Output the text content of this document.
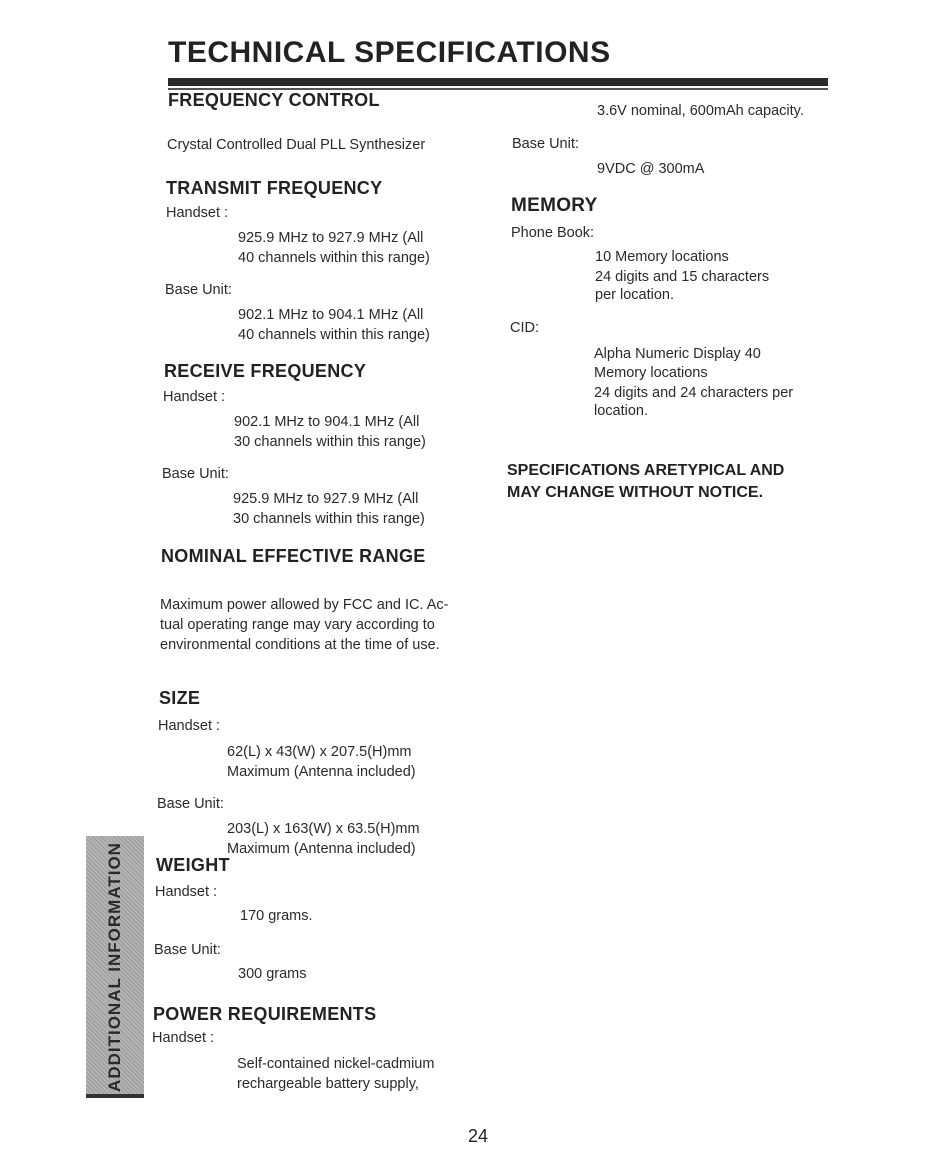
TECHNICAL SPECIFICATIONS
FREQUENCY CONTROL
Crystal Controlled Dual PLL Synthesizer
TRANSMIT FREQUENCY
Handset :
925.9 MHz to 927.9 MHz (All
40 channels within this range)
Base Unit:
902.1 MHz to 904.1 MHz (All
40 channels within this range)
RECEIVE FREQUENCY
Handset :
902.1 MHz to 904.1 MHz (All
30 channels within this range)
Base Unit:
925.9 MHz to 927.9 MHz (All
30 channels within this range)
NOMINAL EFFECTIVE RANGE
Maximum power allowed by FCC and IC. Ac-
tual operating range may vary according to
environmental conditions at the time of use.
SIZE
Handset :
62(L) x 43(W) x 207.5(H)mm
Maximum (Antenna included)
Base Unit:
203(L) x 163(W) x 63.5(H)mm
Maximum (Antenna included)
WEIGHT
Handset :
170 grams.
Base Unit:
300 grams
POWER REQUIREMENTS
Handset :
Self-contained nickel-cadmium
rechargeable battery supply,
3.6V nominal, 600mAh capacity.
Base Unit:
9VDC @ 300mA
MEMORY
Phone Book:
10 Memory locations
24 digits and 15 characters
per location.
CID:
Alpha Numeric Display 40
Memory locations
24 digits and 24 characters per
location.
SPECIFICATIONS ARETYPICAL AND
MAY CHANGE WITHOUT NOTICE.
ADDITIONAL INFORMATION
24
